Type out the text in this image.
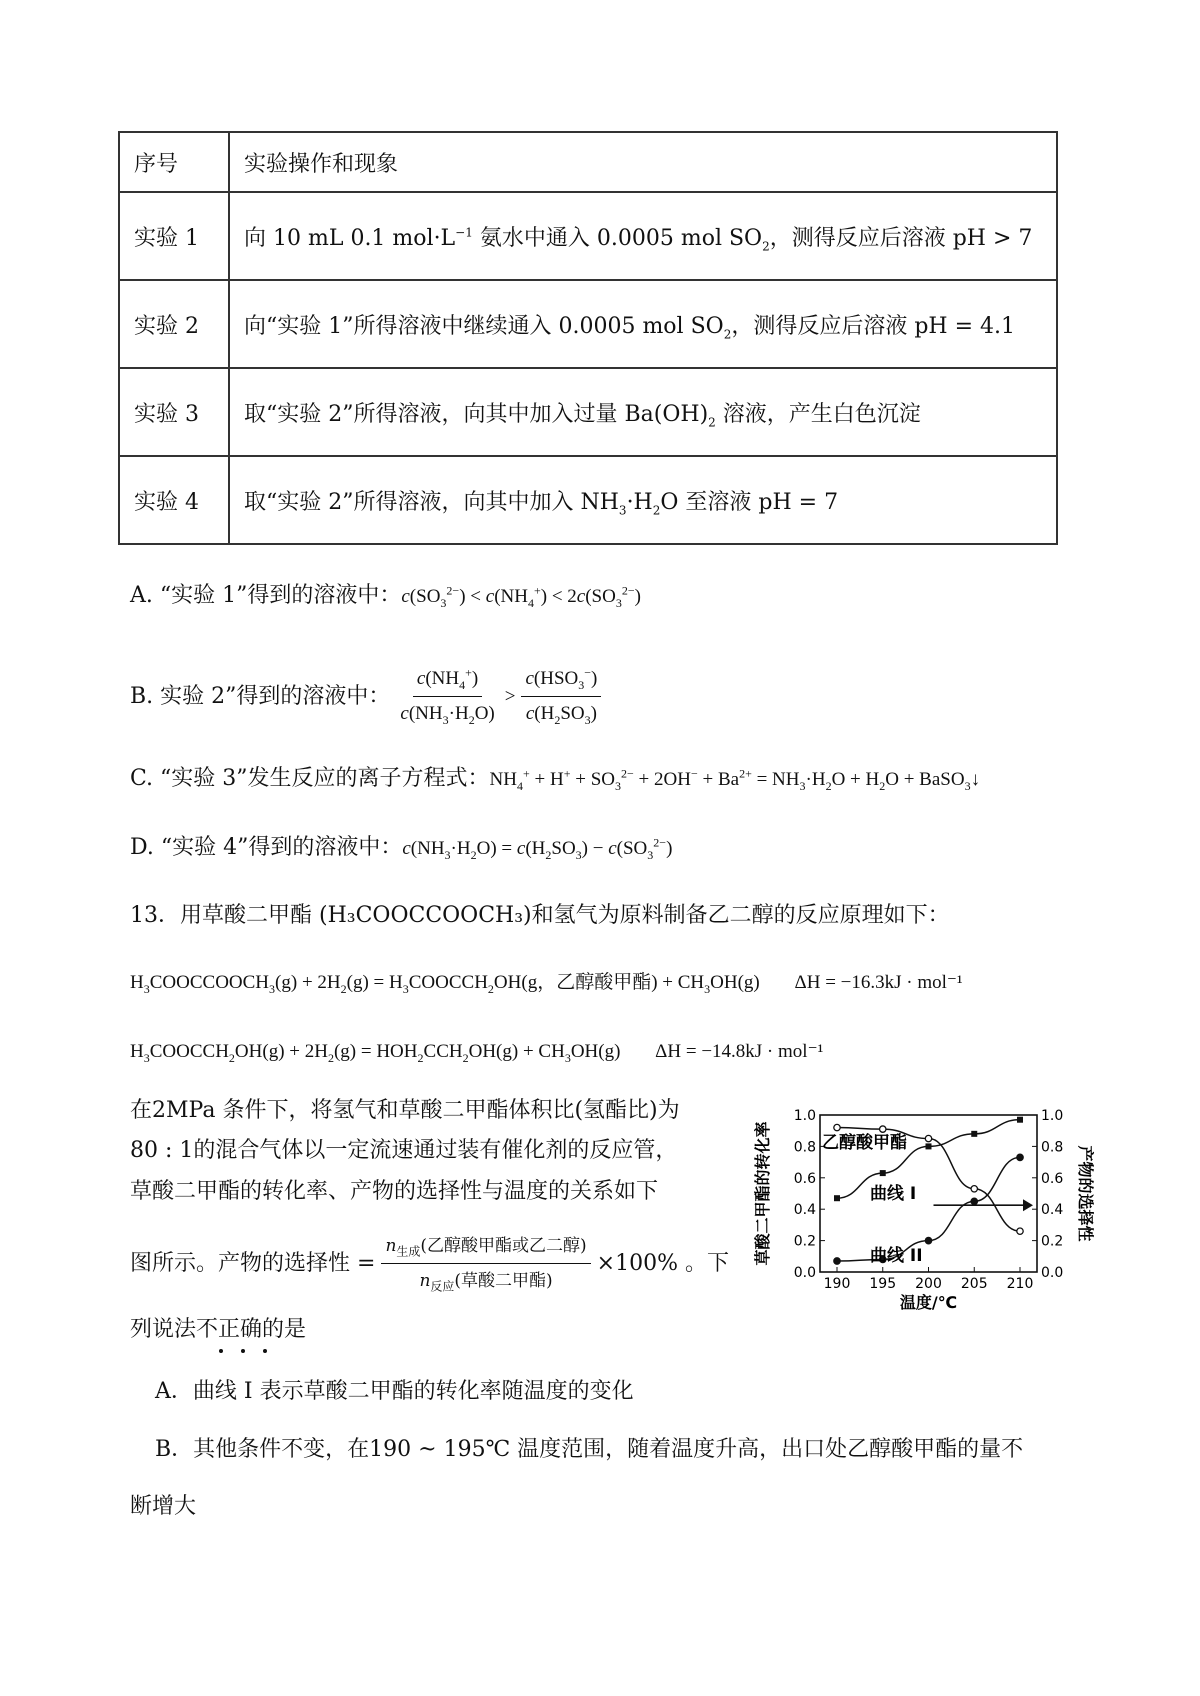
序号	实验操作和现象
实验 1	向 10 mL 0.1 $mol\cdot L^{-1}$ 氨水中通入 0.0005 mol $SO_2$，测得反应后溶液 pH > 7
实验 2	向“实验 1”所得溶液中继续通入 0.0005 mol $SO_2$，测得反应后溶液 pH = 4.1
实验 3	取“实验 2”所得溶液，向其中加入过量 $Ba(OH)_2$ 溶液，产生白色沉淀
实验 4	取“实验 2”所得溶液，向其中加入 $NH_3\cdot H_2O$ 至溶液 pH = 7
A. “实验 1”得到的溶液中：$c(SO_3^{2-}) < c(NH_4^+) < 2c(SO_3^{2-})$
B. 实验 2”得到的溶液中： $\frac{c(NH_4^+)}{c(NH_3\cdot H_2O)} > \frac{c(HSO_3^-)}{c(H_2SO_3)}$
C. “实验 3”发生反应的离子方程式：$NH_4^+ + H^+ + SO_3^{2-} + 2OH^- + Ba^{2+} = NH_3\cdot H_2O + H_2O$ + BaSO$_3$↓
D. “实验 4”得到的溶液中：$c(NH_3\cdot H_2O) = c(H_2SO_3) - c(SO_3^{2-})$
13．用草酸二甲酯 (H₃COOCCOOCH₃)和氢气为原料制备乙二醇的反应原理如下：
$H_3COOCCOOCH_3(g) + 2H_2(g)$ = $H_3COOCCH_2OH(g$，乙醇酸甲酯) + $CH_3OH(g) \Delta H = -16.3kJ \cdot mol^{-1}$
$H_3COOCCH_2OH(g) + 2H_2(g) = HOH_2CCH_2OH(g) + CH_3OH(g) \Delta H = -14.8kJ \cdot mol^{-1}$
在2MPa 条件下，将氢气和草酸二甲酯体积比(氢酯比)为
80 : 1的混合气体以一定流速通过装有催化剂的反应管，
草酸二甲酯的转化率、产物的选择性与温度的关系如下
图所示。产物的选择性 = $\frac{n_{生成}(乙醇酸甲酯或乙二醇)}{n_{反应}(草酸二甲酯)} \times 100\%$ 。下
列说法不正确的是
A．曲线 I 表示草酸二甲酯的转化率随温度的变化
B．其他条件不变，在190 ~ 195℃ 温度范围，随着温度升高，出口处乙醇酸甲酯的量不
断增大
0.0	0.0
0.2	0.2
0.4	0.4
0.6	0.6
0.8	0.8
1.0	1.0
190 195 200 205 210
乙醇酸甲酯
曲线 I
曲线 II
温度/℃
草酸二甲酯的转化率	产物的选择性
